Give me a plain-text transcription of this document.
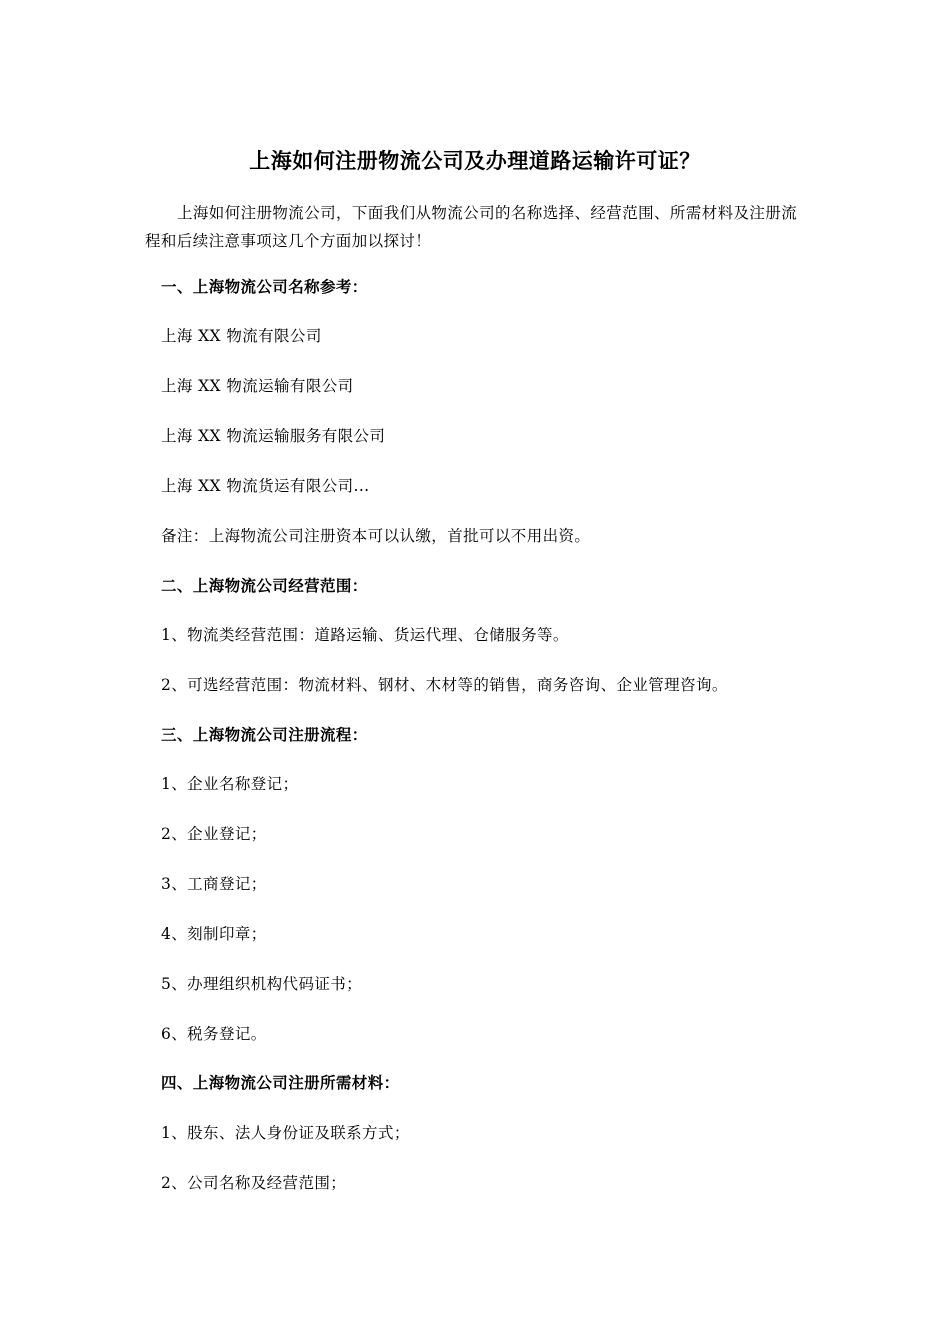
上海如何注册物流公司及办理道路运输许可证？
上海如何注册物流公司，下面我们从物流公司的名称选择、经营范围、所需材料及注册流程和后续注意事项这几个方面加以探讨！
一、上海物流公司名称参考：
上海 XX 物流有限公司
上海 XX 物流运输有限公司
上海 XX 物流运输服务有限公司
上海 XX 物流货运有限公司...
备注：上海物流公司注册资本可以认缴，首批可以不用出资。
二、上海物流公司经营范围：
1、物流类经营范围：道路运输、货运代理、仓储服务等。
2、可选经营范围：物流材料、钢材、木材等的销售，商务咨询、企业管理咨询。
三、上海物流公司注册流程：
1、企业名称登记；
2、企业登记；
3、工商登记；
4、刻制印章；
5、办理组织机构代码证书；
6、税务登记。
四、上海物流公司注册所需材料：
1、股东、法人身份证及联系方式；
2、公司名称及经营范围；
